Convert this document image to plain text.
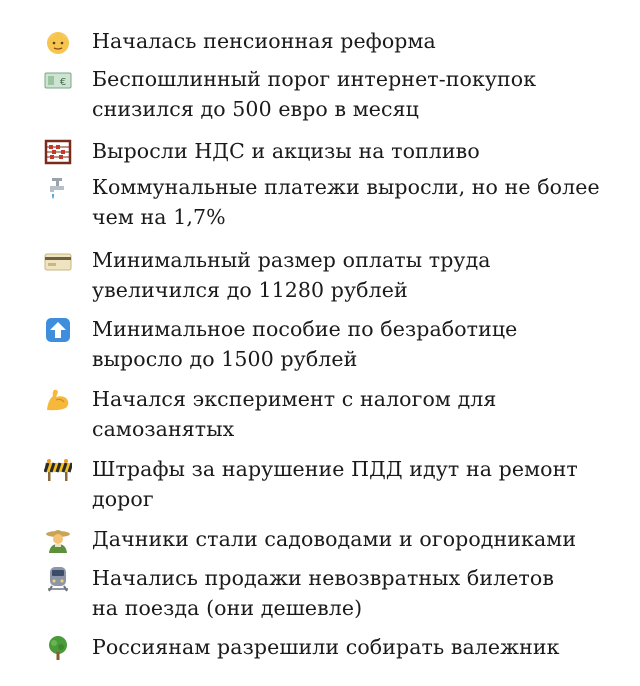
Началась пенсионная реформа
€ Беспошлинный порог интернет-покупок
снизился до 500 евро в месяц
Выросли НДС и акцизы на топливо
Коммунальные платежи выросли, но не более
чем на 1,7%
Минимальный размер оплаты труда
увеличился до 11280 рублей
Минимальное пособие по безработице
выросло до 1500 рублей
Начался эксперимент с налогом для
самозанятых
Штрафы за нарушение ПДД идут на ремонт
дорог
Дачники стали садоводами и огородниками
Начались продажи невозвратных билетов
на поезда (они дешевле)
Россиянам разрешили собирать валежник
